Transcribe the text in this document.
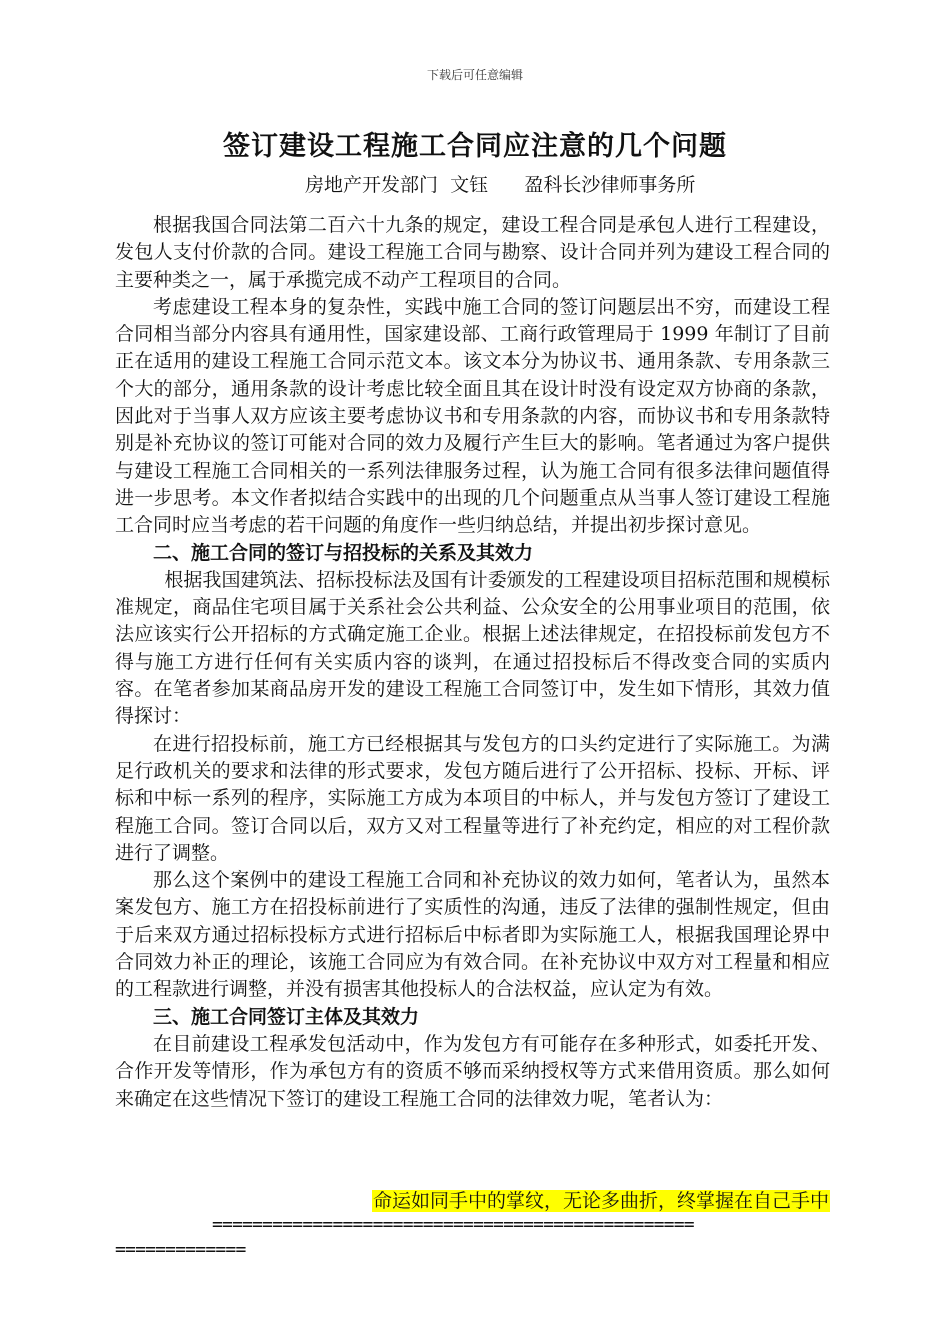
下载后可任意编辑
签订建设工程施工合同应注意的几个问题
房地产开发部门  文钰      盈科长沙律师事务所

根据我国合同法第二百六十九条的规定，建设工程合同是承包人进行工程建设，发包人支付价款的合同。建设工程施工合同与勘察、设计合同并列为建设工程合同的主要种类之一，属于承揽完成不动产工程项目的合同。

考虑建设工程本身的复杂性，实践中施工合同的签订问题层出不穷，而建设工程合同相当部分内容具有通用性，国家建设部、工商行政管理局于 1999 年制订了目前正在适用的建设工程施工合同示范文本。该文本分为协议书、通用条款、专用条款三个大的部分，通用条款的设计考虑比较全面且其在设计时没有设定双方协商的条款，因此对于当事人双方应该主要考虑协议书和专用条款的内容，而协议书和专用条款特别是补充协议的签订可能对合同的效力及履行产生巨大的影响。笔者通过为客户提供与建设工程施工合同相关的一系列法律服务过程，认为施工合同有很多法律问题值得进一步思考。本文作者拟结合实践中的出现的几个问题重点从当事人签订建设工程施工合同时应当考虑的若干问题的角度作一些归纳总结，并提出初步探讨意见。

二、施工合同的签订与招投标的关系及其效力

根据我国建筑法、招标投标法及国有计委颁发的工程建设项目招标范围和规模标准规定，商品住宅项目属于关系社会公共利益、公众安全的公用事业项目的范围，依法应该实行公开招标的方式确定施工企业。根据上述法律规定，在招投标前发包方不得与施工方进行任何有关实质内容的谈判，在通过招投标后不得改变合同的实质内容。在笔者参加某商品房开发的建设工程施工合同签订中，发生如下情形，其效力值得探讨：

在进行招投标前，施工方已经根据其与发包方的口头约定进行了实际施工。为满足行政机关的要求和法律的形式要求，发包方随后进行了公开招标、投标、开标、评标和中标一系列的程序，实际施工方成为本项目的中标人，并与发包方签订了建设工程施工合同。签订合同以后，双方又对工程量等进行了补充约定，相应的对工程价款进行了调整。

那么这个案例中的建设工程施工合同和补充协议的效力如何，笔者认为，虽然本案发包方、施工方在招投标前进行了实质性的沟通，违反了法律的强制性规定，但由于后来双方通过招标投标方式进行招标后中标者即为实际施工人，根据我国理论界中合同效力补正的理论，该施工合同应为有效合同。在补充协议中双方对工程量和相应的工程款进行调整，并没有损害其他投标人的合法权益，应认定为有效。

三、施工合同签订主体及其效力

在目前建设工程承发包活动中，作为发包方有可能存在多种形式，如委托开发、合作开发等情形，作为承包方有的资质不够而采纳授权等方式来借用资质。那么如何来确定在这些情况下签订的建设工程施工合同的法律效力呢，笔者认为：

命运如同手中的掌纹，无论多曲折，终掌握在自己手中
================================================
=============
